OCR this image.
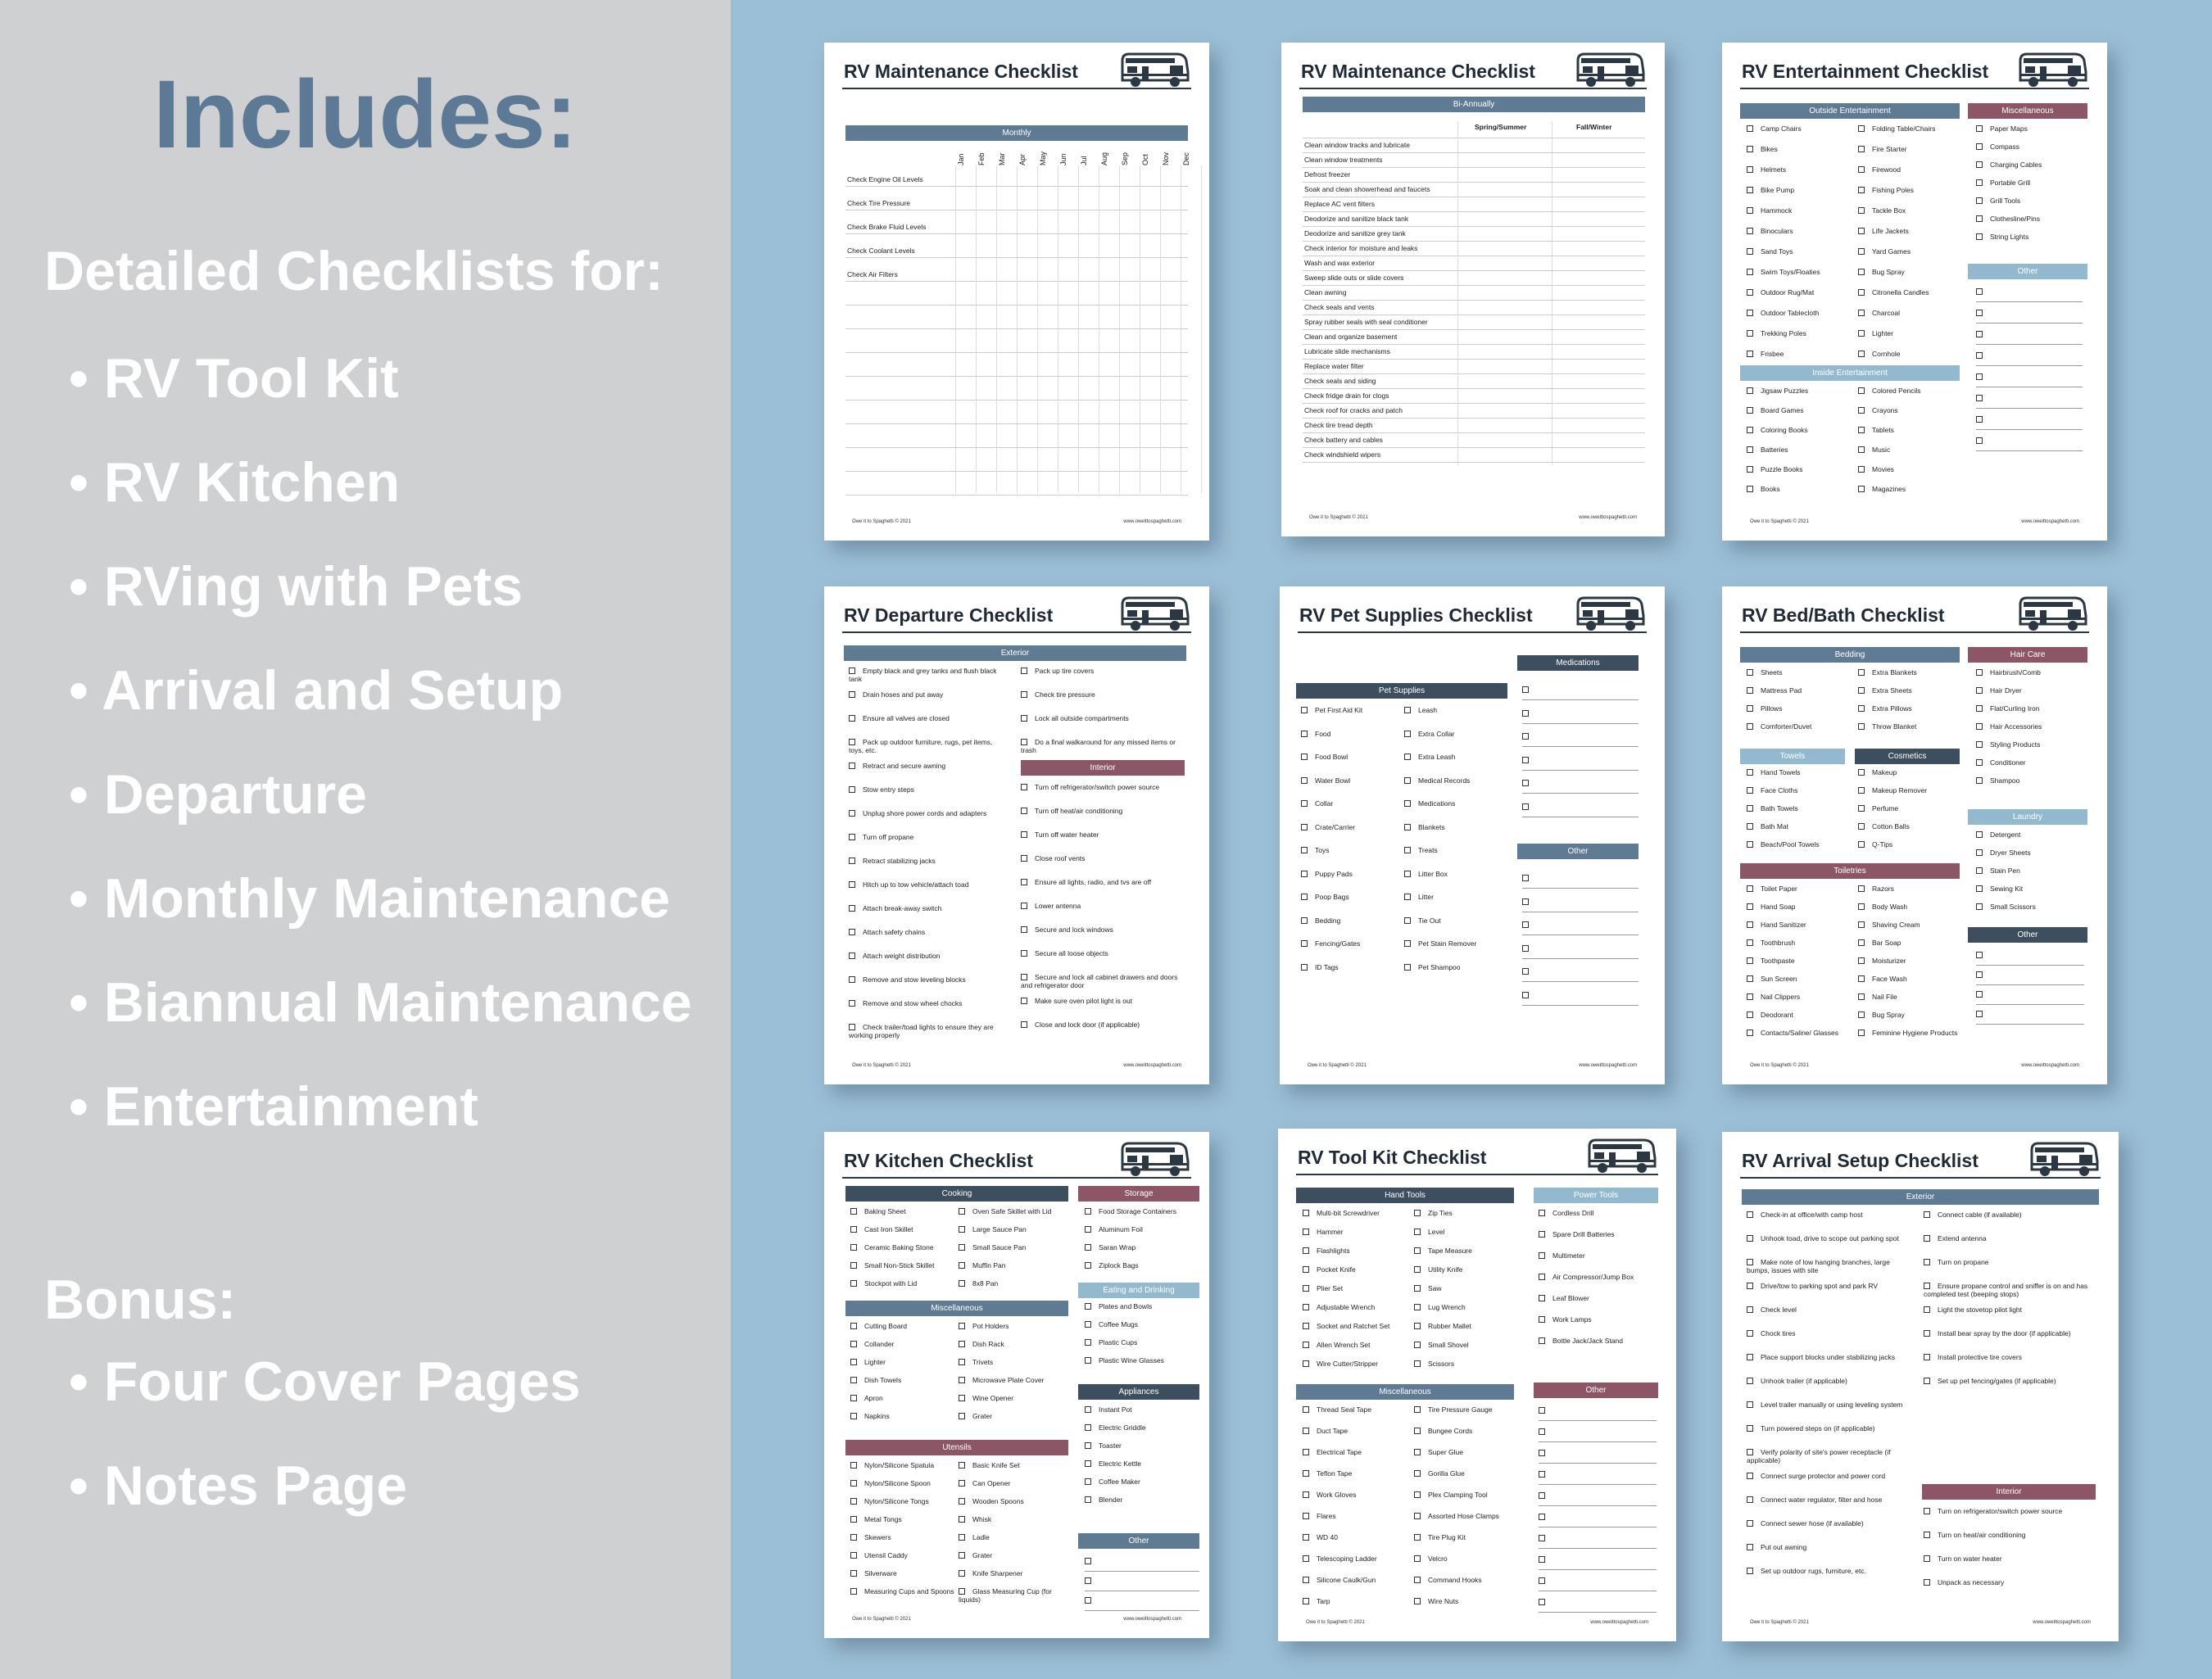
Includes:
Detailed Checklists for:
• RV Tool Kit
• RV Kitchen
• RVing with Pets
• Arrival and Setup
• Departure
• Monthly Maintenance
• Biannual Maintenance
• Entertainment
Bonus:
• Four Cover Pages
• Notes Page
RV Maintenance Checklist
Owe it to Spaghetti © 2021	www.oweittospaghetti.com
Monthly
Jan Feb Mar Apr May Jun Jul Aug Sep Oct Nov Dec
Check Engine Oil Levels
Check Tire Pressure
Check Brake Fluid Levels
Check Coolant Levels
Check Air Filters
RV Maintenance Checklist
Owe it to Spaghetti © 2021	www.oweittospaghetti.com
Bi-Annually
Spring/Summer	Fall/Winter
Clean window tracks and lubricate
Clean window treatments
Defrost freezer
Soak and clean showerhead and faucets
Replace AC vent filters
Deodorize and sanitize black tank
Deodorize and sanitize grey tank
Check interior for moisture and leaks
Wash and wax exterior
Sweep slide outs or slide covers
Clean awning
Check seals and vents
Spray rubber seals with seal conditioner
Clean and organize basement
Lubricate slide mechanisms
Replace water filter
Check seals and siding
Check fridge drain for clogs
Check roof for cracks and patch
Check tire tread depth
Check battery and cables
Check windshield wipers
RV Entertainment Checklist
Owe it to Spaghetti © 2021	www.oweittospaghetti.com
Outside Entertainment	Miscellaneous
Camp Chairs
Bikes
Helmets
Bike Pump
Hammock
Binoculars
Sand Toys
Swim Toys/Floaties
Outdoor Rug/Mat
Outdoor Tablecloth
Trekking Poles
Frisbee
Folding Table/Chairs
Fire Starter
Firewood
Fishing Poles
Tackle Box
Life Jackets
Yard Games
Bug Spray
Citronella Candles
Charcoal
Lighter
Cornhole
Paper Maps
Compass
Charging Cables
Portable Grill
Grill Tools
Clothesline/Pins
String Lights
Other
Inside Entertainment
Jigsaw Puzzles
Board Games
Coloring Books
Batteries
Puzzle Books
Books
Colored Pencils
Crayons
Tablets
Music
Movies
Magazines
RV Departure Checklist
Owe it to Spaghetti © 2021	www.oweittospaghetti.com
Exterior
Empty black and grey tanks and flush black tank
Drain hoses and put away
Ensure all valves are closed
Pack up outdoor furniture, rugs, pet items, toys, etc.
Retract and secure awning
Stow entry steps
Unplug shore power cords and adapters
Turn off propane
Retract stabilizing jacks
Hitch up to tow vehicle/attach toad
Attach break-away switch
Attach safety chains
Attach weight distribution
Remove and stow leveling blocks
Remove and stow wheel chocks
Check trailer/toad lights to ensure they are working properly
Pack up tire covers
Check tire pressure
Lock all outside compartments
Do a final walkaround for any missed items or trash
Interior
Turn off refrigerator/switch power source
Turn off heat/air conditioning
Turn off water heater
Close roof vents
Ensure all lights, radio, and tvs are off
Lower antenna
Secure and lock windows
Secure all loose objects
Secure and lock all cabinet drawers and doors and refrigerator door
Make sure oven pilot light is out
Close and lock door (if applicable)
RV Pet Supplies Checklist
Owe it to Spaghetti © 2021	www.oweittospaghetti.com
Medications
Pet Supplies
Pet First Aid Kit
Food
Food Bowl
Water Bowl
Collar
Crate/Carrier
Toys
Puppy Pads
Poop Bags
Bedding
Fencing/Gates
ID Tags
Leash
Extra Collar
Extra Leash
Medical Records
Medications
Blankets
Treats
Litter Box
Litter
Tie Out
Pet Stain Remover
Pet Shampoo
Other
RV Bed/Bath Checklist
Owe it to Spaghetti © 2021	www.oweittospaghetti.com
Bedding	Hair Care
Sheets
Mattress Pad
Pillows
Comforter/Duvet
Extra Blankets
Extra Sheets
Extra Pillows
Throw Blanket
Hairbrush/Comb
Hair Dryer
Flat/Curling Iron
Hair Accessories
Styling Products
Conditioner
Shampoo
Towels	Cosmetics
Hand Towels
Face Cloths
Bath Towels
Bath Mat
Beach/Pool Towels
Makeup
Makeup Remover
Perfume
Cotton Balls
Q-Tips
Laundry
Detergent
Dryer Sheets
Stain Pen
Sewing Kit
Small Scissors
Toiletries
Toilet Paper
Hand Soap
Hand Sanitizer
Toothbrush
Toothpaste
Sun Screen
Nail Clippers
Deodorant
Contacts/Saline/ Glasses
Razors
Body Wash
Shaving Cream
Bar Soap
Moisturizer
Face Wash
Nail File
Bug Spray
Feminine Hygiene Products
Other
RV Kitchen Checklist
Owe it to Spaghetti © 2021	www.oweittospaghetti.com
Cooking	Storage
Baking Sheet
Cast Iron Skillet
Ceramic Baking Stone
Small Non-Stick Skillet
Stockpot with Lid
Oven Safe Skillet with Lid
Large Sauce Pan
Small Sauce Pan
Muffin Pan
8x8 Pan
Food Storage Containers
Aluminum Foil
Saran Wrap
Ziplock Bags
Eating and Drinking
Plates and Bowls
Coffee Mugs
Plastic Cups
Plastic Wine Glasses
Miscellaneous
Cutting Board
Collander
Lighter
Dish Towels
Apron
Napkins
Pot Holders
Dish Rack
Trivets
Microwave Plate Cover
Wine Opener
Grater
Appliances
Instant Pot
Electric Griddle
Toaster
Electric Kettle
Coffee Maker
Blender
Utensils
Nylon/Silicone Spatula
Nylon/Silicone Spoon
Nylon/Silicone Tongs
Metal Tongs
Skewers
Utensil Caddy
Silverware
Measuring Cups and Spoons
Basic Knife Set
Can Opener
Wooden Spoons
Whisk
Ladle
Grater
Knife Sharpener
Glass Measuring Cup (for liquids)
Other
RV Tool Kit Checklist
Owe it to Spaghetti © 2021	www.oweittospaghetti.com
Hand Tools	Power Tools
Multi-bit Screwdriver
Hammer
Flashlights
Pocket Knife
Plier Set
Adjustable Wrench
Socket and Ratchet Set
Allen Wrench Set
Wire Cutter/Stripper
Zip Ties
Level
Tape Measure
Utility Knife
Saw
Lug Wrench
Rubber Mallet
Small Shovel
Scissors
Cordless Drill
Spare Drill Batteries
Multimeter
Air Compressor/Jump Box
Leaf Blower
Work Lamps
Bottle Jack/Jack Stand
Miscellaneous
Thread Seal Tape
Duct Tape
Electrical Tape
Teflon Tape
Work Gloves
Flares
WD 40
Telescoping Ladder
Silicone Caulk/Gun
Tarp
Tire Pressure Gauge
Bungee Cords
Super Glue
Gorilla Glue
Plex Clamping Tool
Assorted Hose Clamps
Tire Plug Kit
Velcro
Command Hooks
Wire Nuts
Other
RV Arrival Setup Checklist
Owe it to Spaghetti © 2021	www.oweittospaghetti.com
Exterior
Check-in at office/with camp host
Unhook toad, drive to scope out parking spot
Make note of low hanging branches, large bumps, issues with site
Drive/tow to parking spot and park RV
Check level
Chock tires
Place support blocks under stabilizing jacks
Unhook trailer (if applicable)
Level trailer manually or using leveling system
Turn powered steps on (if applicable)
Verify polarity of site's power receptacle (if applicable)
Connect surge protector and power cord
Connect water regulator, filter and hose
Connect sewer hose (if available)
Put out awning
Set up outdoor rugs, furniture, etc.
Connect cable (if available)
Extend antenna
Turn on propane
Ensure propane control and sniffer is on and has completed test (beeping stops)
Light the stovetop pilot light
Install bear spray by the door (if applicable)
Install protective tire covers
Set up pet fencing/gates (if applicable)
Interior
Turn on refrigerator/switch power source
Turn on heat/air conditioning
Turn on water heater
Unpack as necessary
